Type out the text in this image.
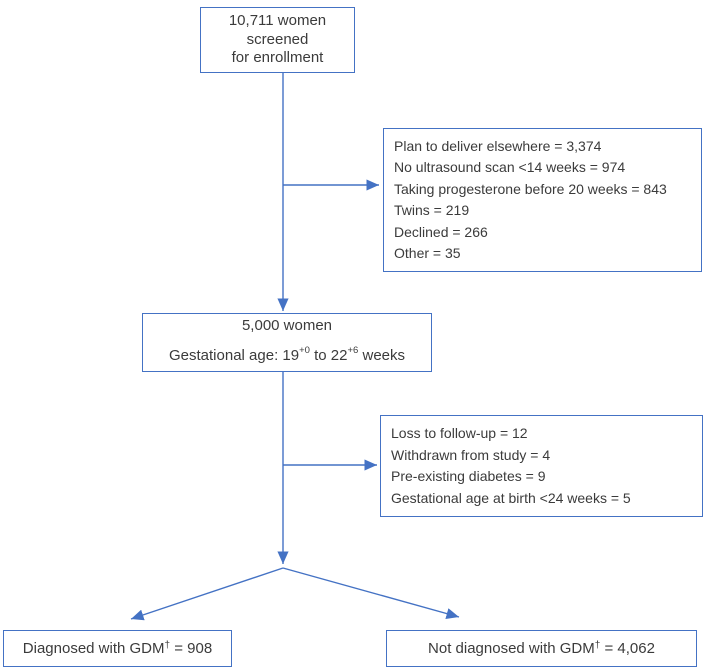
10,711 women
screened
for enrollment
Plan to deliver elsewhere = 3,374
No ultrasound scan <14 weeks = 974
Taking progesterone before 20 weeks = 843
Twins = 219
Declined = 266
Other = 35
5,000 women
Gestational age: $19^{+0}$ to $22^{+6}$ weeks
Loss to follow-up = 12
Withdrawn from study = 4
Pre-existing diabetes = 9
Gestational age at birth <24 weeks = 5
Diagnosed with GDM† = 908	Not diagnosed with GDM† = 4,062
